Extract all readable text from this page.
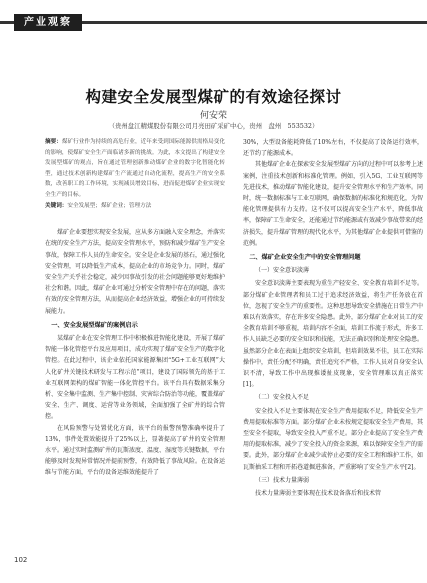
产业观察
构建安全发展型煤矿的有效途径探讨
何安荣
（贵州盘江精煤股份有限公司月亮田矿采矿中心，贵州　盘州　553532）
摘要：煤矿行业作为持续的高危行业，近年来受到国际能源供需格局变化的影响，使煤矿安全生产面临诸多新的挑战。为此，本文提出了构建安全发展型煤矿的观点，旨在通过管理创新推动煤矿企业的数字化智能化转型，通过技术创新构建煤矿生产流通过自动化流程，提高生产的安全系数，改善职工的工作环境，实现减员增效目标，进而促进煤矿企业实现安全生产的目标。
关键词：安全发展型；煤矿企业；管理方法

煤矿企业要想实现安全发展，应从多方面融入安全理念，并落实在统的安全生产方法，提高安全管理水平，预防和减少煤矿生产安全事故，保障工作人员的生命安全。安全是企业发展的基石，通过强化安全管理，可以降低生产成本，提高企业的市场竞争力。同时，煤矿安全生产关乎社会稳定，减少因事故引发的社会问题能够更好地维护社会和谐。因此，煤矿企业可通过分析安全管理中存在的问题，落实有效的安全管理方法，从而提高企业经济效益，增强企业的可持续发展能力。

一、安全发展型煤矿的案例启示

某煤矿企业在安全管理工作中积极推进智能化建设，开展了煤矿智能一体化管控平台及应用项目，成功实现了煤矿安全生产的数字化管控。在此过程中，该企业依托国家能源集团“5G+工业互联网”大人化矿井关键技术研发与工程示范”项目，建设了国际领先的基于工业互联网架构的煤矿智能一体化管控平台。该平台具有数据采集分析、安全集中监测、生产集中控制、灾害综合防治等功能，覆盖煤矿安全、生产、调度、运营等业务领域，全面加强了全矿井的综合管控。

在风险预警与处置优化方面，该平台的报警预警准确率提升了13%，事件处置效能提升了25%以上，显著提高了矿井的安全管理水平。通过实时监测矿井的瓦斯浓度、温度、湿度等关键数据，平台能够及时发现异常情况并提前预警，有效降低了事故风险。在设备运维与节能方面，平台的设备运维效能提升了

30%，大型设备能耗降低了10%左右，不仅提高了设备运行效率，还节约了能源成本。

其他煤矿企业在探索安全发展型煤矿方向的过程中可以参考上述案例，注重技术创新和标准化管理。例如，引入5G、工业互联网等先进技术，推动煤矿智能化建设，提升安全管理水平和生产效率。同时，统一数据标准与工业互联网，确保数据的标准化和规范化，为智能化管理提供有力支持。这不仅可以提高安全生产水平，降低事故率，保障矿工生命安全，还能通过节约能源或有效减少事故带来的经济损失，提升煤矿管理的现代化水平，为其他煤矿企业提供可借鉴的范例。

二、煤矿企业安全生产中的安全管理问题
（一）安全意识淡薄

安全意识淡薄主要表现为重生产轻安全、安全教育培训不足等。部分煤矿企业管理者和员工过于追求经济效益，将生产任务放在首位，忽视了安全生产的重要性。这种思想导致安全措施在日常生产中难以有效落实，存在许多安全隐患。此外，部分煤矿企业对员工的安全教育培训不够重视，培训内容不全面，培训工作流于形式，许多工作人员缺乏必要的安全知识和技能，无法正确识别和处理安全隐患。虽然部分企业在表面上组织安全培训，但培训效果不佳，员工在实际操作中，责任分配不明确，责任追究不严格，工作人员对自身安全认识不清，导致工作中出现推诿扯皮现象，安全管理难以真正落实[1]。

（二）安全投入不足

安全投入不足主要体现在安全生产费用提取不足，降低安全生产费用提取标准等方面。部分煤矿企业未按规定提取安全生产费用，其至安全不提取，导致安全投入严重不足。部分企业提高了安全生产费用的提取标准，减少了安全投入的资金来源，难以保障安全生产的需要。此外，部分煤矿企业减少或停止必要的安全工程和维护工作，如瓦斯抽采工程和开拓巷道掘进准备，严重影响了安全生产水平[2]。

（三）技术力量薄弱

技术力量薄弱主要体现在技术设备落后和技术管

102
